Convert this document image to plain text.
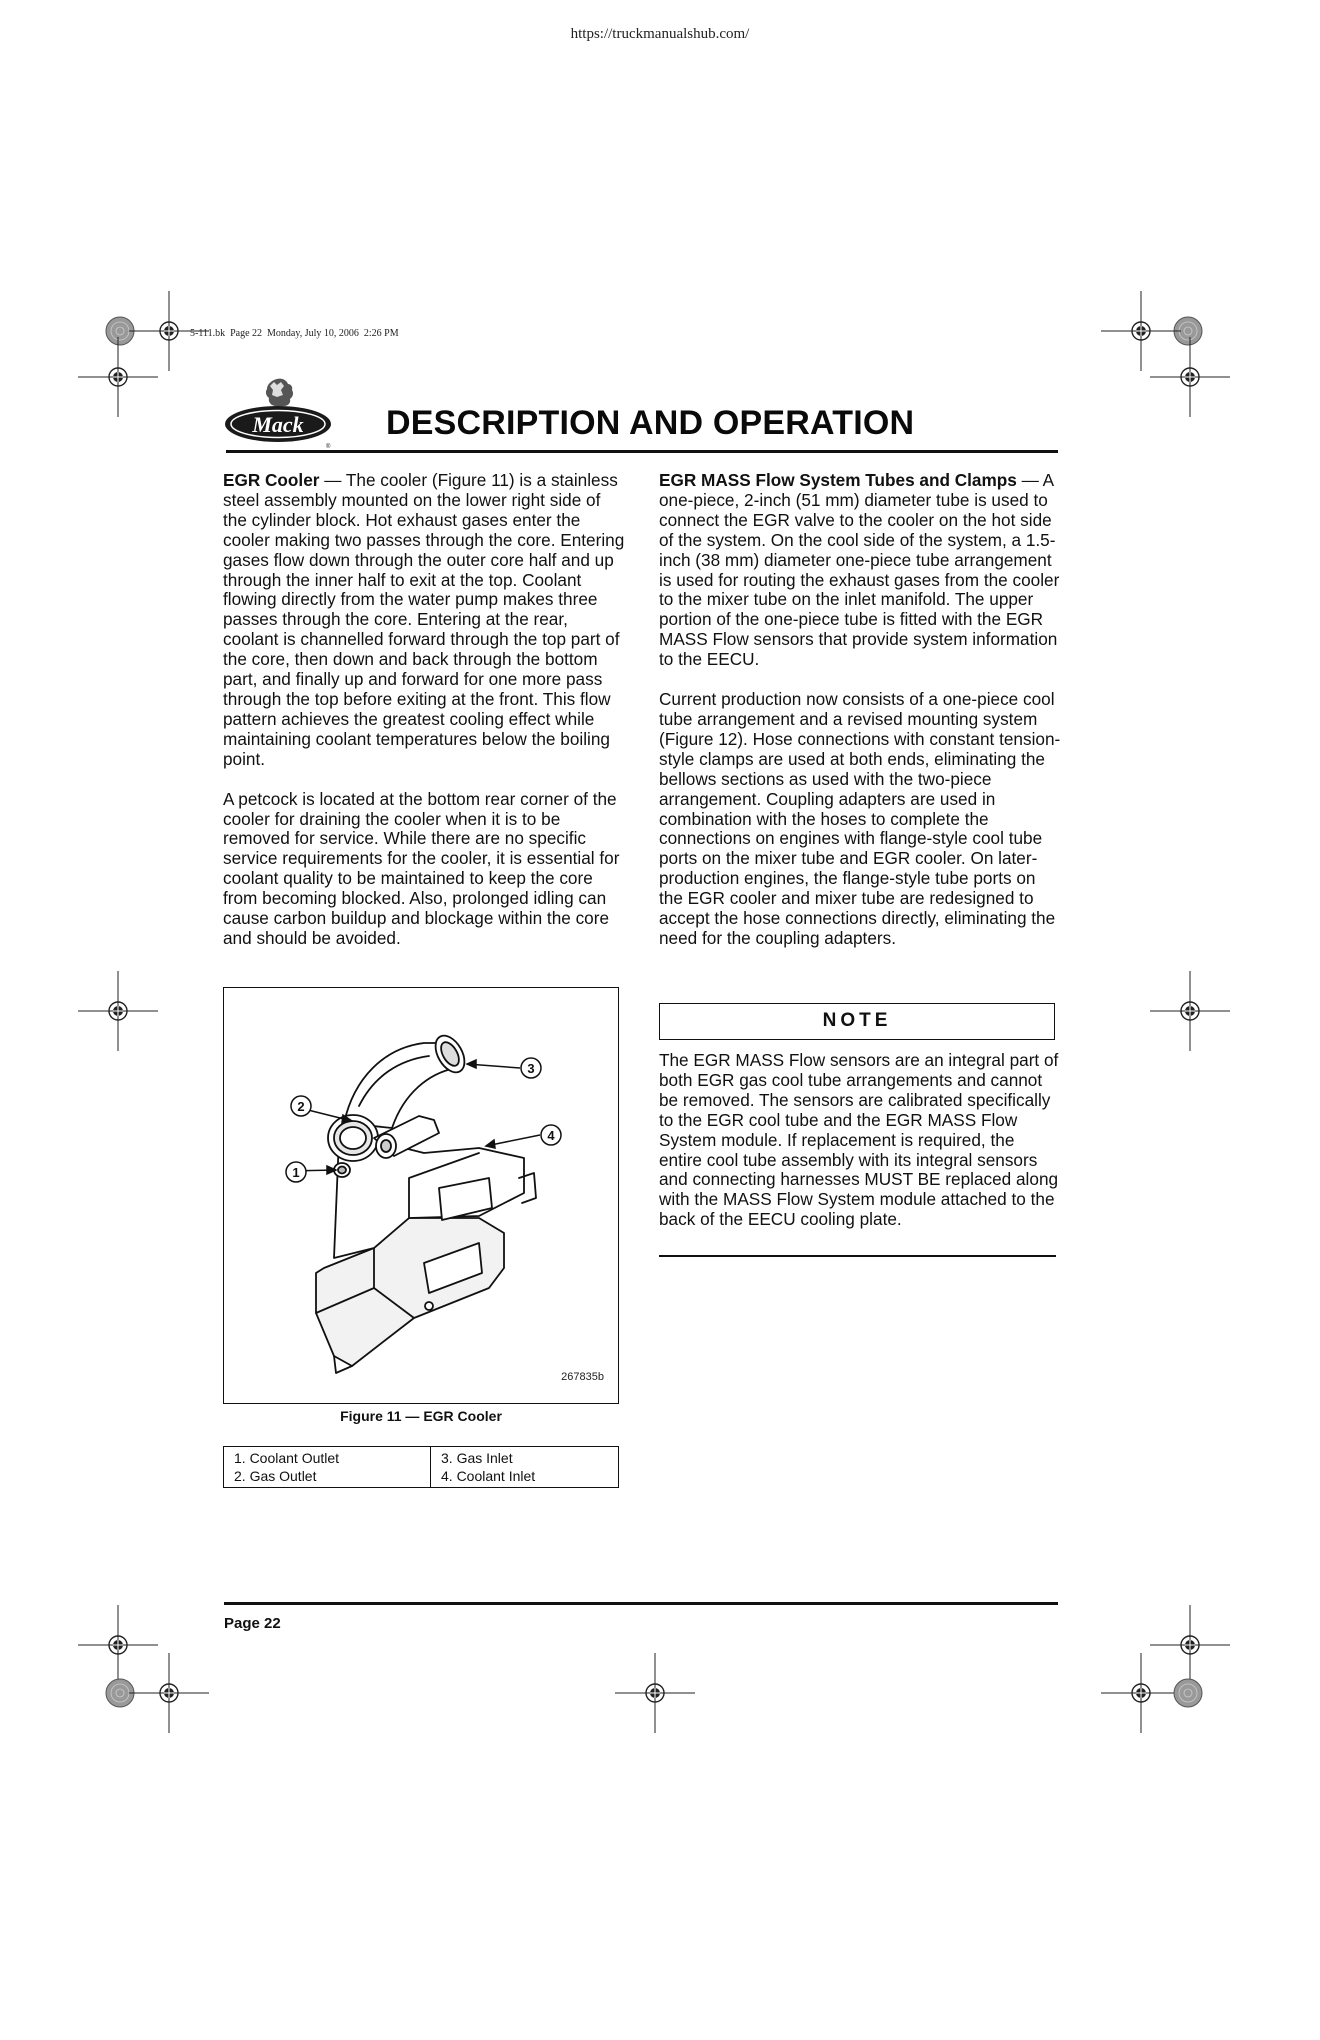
https://truckmanualshub.com/
5-111.bk  Page 22  Monday, July 10, 2006  2:26 PM
Mack
®
DESCRIPTION AND OPERATION

EGR Cooler — The cooler (Figure 11) is a stainless steel assembly mounted on the lower right side of the cylinder block. Hot exhaust gases enter the cooler making two passes through the core. Entering gases flow down through the outer core half and up through the inner half to exit at the top. Coolant flowing directly from the water pump makes three passes through the core. Entering at the rear, coolant is channelled forward through the top part of the core, then down and back through the bottom part, and finally up and forward for one more pass through the top before exiting at the front. This flow pattern achieves the greatest cooling effect while maintaining coolant temperatures below the boiling point.

A petcock is located at the bottom rear corner of the cooler for draining the cooler when it is to be removed for service. While there are no specific service requirements for the cooler, it is essential for coolant quality to be maintained to keep the core from becoming blocked. Also, prolonged idling can cause carbon buildup and blockage within the core and should be avoided.

1
2
3
4
267835b
Figure 11 — EGR Cooler
1. Coolant Outlet
2. Gas Outlet
3. Gas Inlet
4. Coolant Inlet

EGR MASS Flow System Tubes and Clamps — A one-piece, 2-inch (51 mm) diameter tube is used to connect the EGR valve to the cooler on the hot side of the system. On the cool side of the system, a 1.5-inch (38 mm) diameter one-piece tube arrangement is used for routing the exhaust gases from the cooler to the mixer tube on the inlet manifold. The upper portion of the one-piece tube is fitted with the EGR MASS Flow sensors that provide system information to the EECU.

Current production now consists of a one-piece cool tube arrangement and a revised mounting system (Figure 12). Hose connections with constant tension-style clamps are used at both ends, eliminating the bellows sections as used with the two-piece arrangement. Coupling adapters are used in combination with the hoses to complete the connections on engines with flange-style cool tube ports on the mixer tube and EGR cooler. On later-production engines, the flange-style tube ports on the EGR cooler and mixer tube are redesigned to accept the hose connections directly, eliminating the need for the coupling adapters.

NOTE
The EGR MASS Flow sensors are an integral part of both EGR gas cool tube arrangements and cannot be removed. The sensors are calibrated specifically to the EGR cool tube and the EGR MASS Flow System module. If replacement is required, the entire cool tube assembly with its integral sensors and connecting harnesses MUST BE replaced along with the MASS Flow System module attached to the back of the EECU cooling plate.
Page 22
